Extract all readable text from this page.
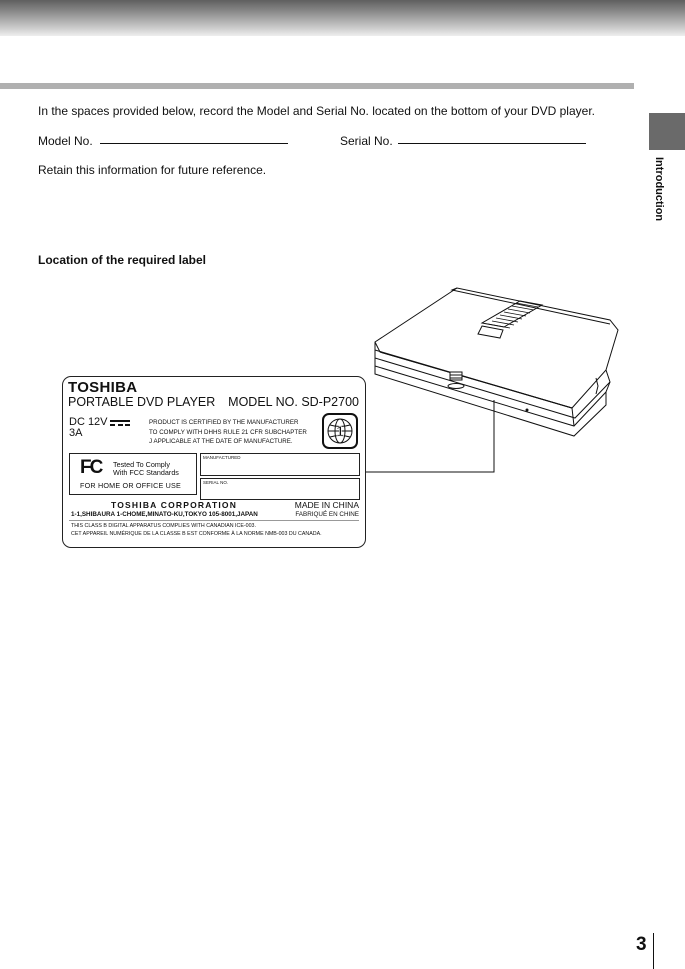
Introduction
In the spaces provided below, record the Model and Serial No. located on the bottom of your DVD player.
Model No.	Serial No.
Retain this information for future reference.
Location of the required label
TOSHIBA
PORTABLE DVD PLAYER MODEL NO. SD-P2700
DC 12V
3A
PRODUCT IS CERTIFIED BY THE MANUFACTURER
TO COMPLY WITH DHHS RULE 21 CFR SUBCHAPTER
J APPLICABLE AT THE DATE OF MANUFACTURE.
1
FC Tested To Comply
With FCC Standards
FOR HOME OR OFFICE USE
MANUFACTURED
SERIAL NO.
TOSHIBA CORPORATION	MADE IN CHINA
1-1,SHIBAURA 1-CHOME,MINATO-KU,TOKYO 105-8001,JAPAN	FABRIQUÉ EN CHINE
THIS CLASS B DIGITAL APPARATUS COMPLIES WITH CANADIAN ICE-003.
CET APPAREIL NUMÉRIQUE DE LA CLASSE B EST CONFORME À LA NORME NMB-003 DU CANADA.
3
